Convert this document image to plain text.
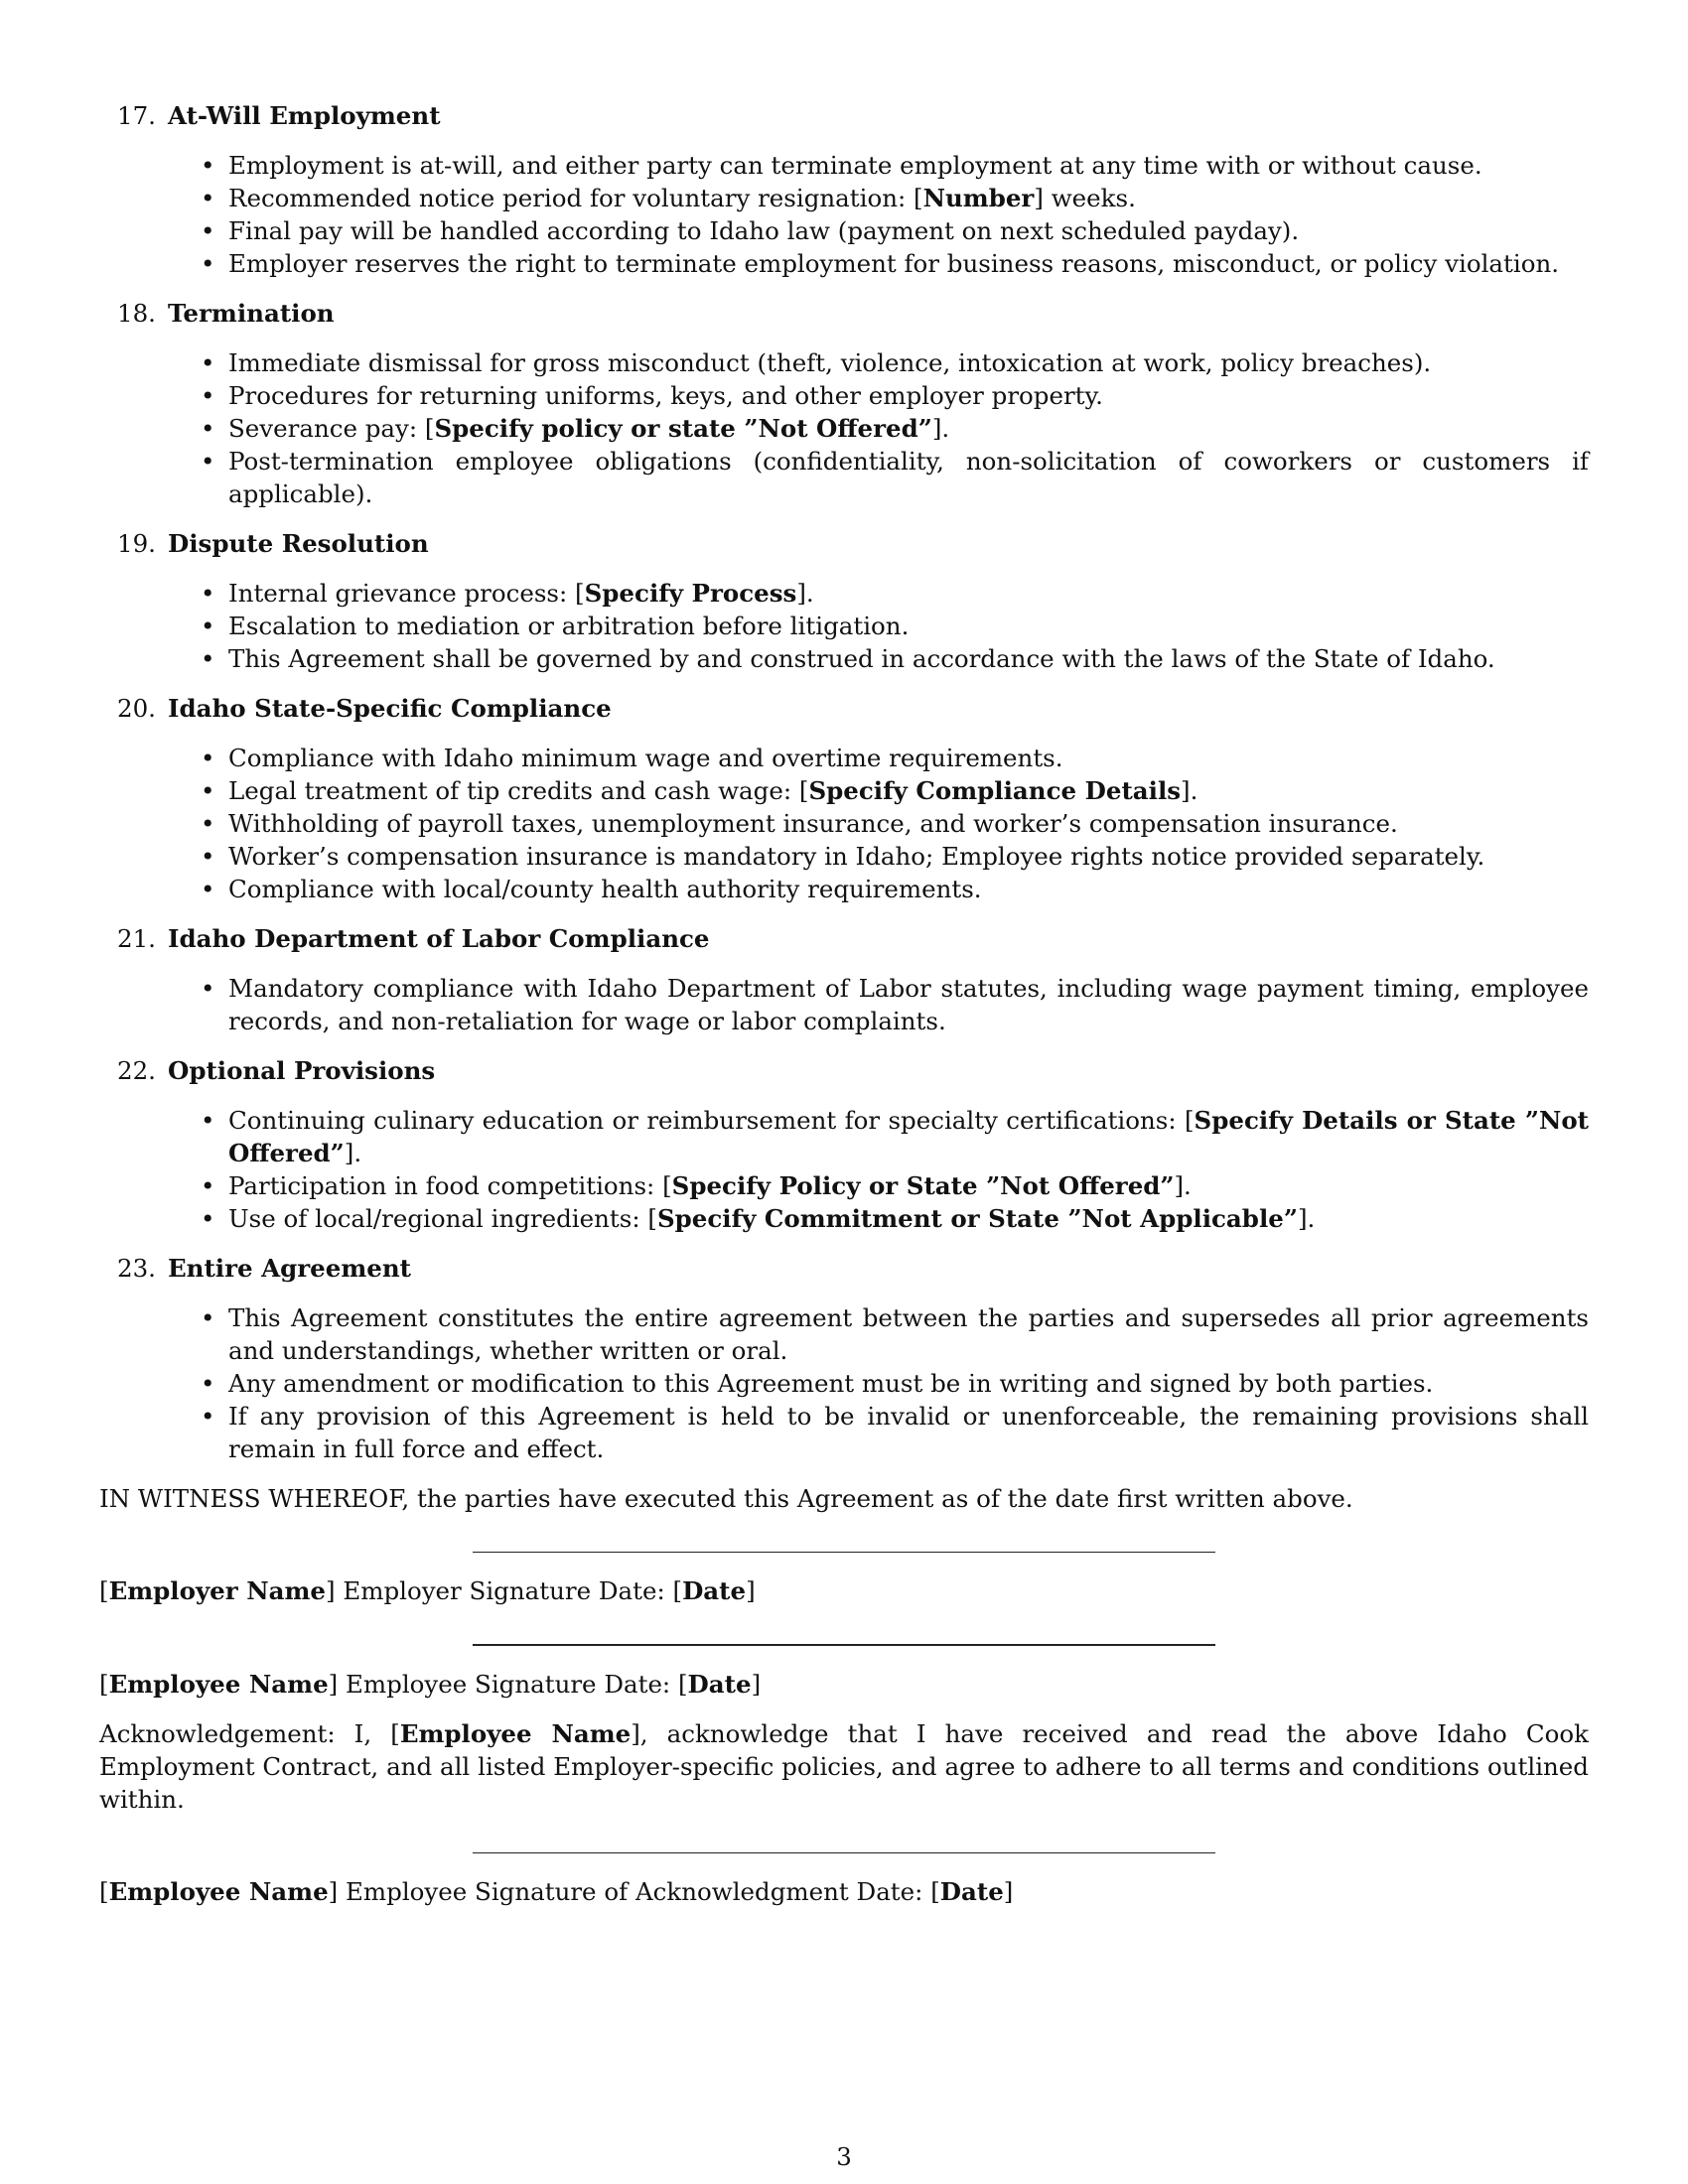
17. At-Will Employment
• Employment is at-will, and either party can terminate employment at any time with or without cause.
• Recommended notice period for voluntary resignation: [Number] weeks.
• Final pay will be handled according to Idaho law (payment on next scheduled payday).
• Employer reserves the right to terminate employment for business reasons, misconduct, or policy violation.
18. Termination
• Immediate dismissal for gross misconduct (theft, violence, intoxication at work, policy breaches).
• Procedures for returning uniforms, keys, and other employer property.
• Severance pay: [Specify policy or state ”Not Offered”].
• Post-termination employee obligations (confidentiality, non-solicitation of coworkers or customers if applicable).
19. Dispute Resolution
• Internal grievance process: [Specify Process].
• Escalation to mediation or arbitration before litigation.
• This Agreement shall be governed by and construed in accordance with the laws of the State of Idaho.
20. Idaho State-Specific Compliance
• Compliance with Idaho minimum wage and overtime requirements.
• Legal treatment of tip credits and cash wage: [Specify Compliance Details].
• Withholding of payroll taxes, unemployment insurance, and worker’s compensation insurance.
• Worker’s compensation insurance is mandatory in Idaho; Employee rights notice provided separately.
• Compliance with local/county health authority requirements.
21. Idaho Department of Labor Compliance
• Mandatory compliance with Idaho Department of Labor statutes, including wage payment timing, employee records, and non-retaliation for wage or labor complaints.
22. Optional Provisions
• Continuing culinary education or reimbursement for specialty certifications: [Specify Details or State ”Not Offered”].
• Participation in food competitions: [Specify Policy or State ”Not Offered”].
• Use of local/regional ingredients: [Specify Commitment or State ”Not Applicable”].
23. Entire Agreement
• This Agreement constitutes the entire agreement between the parties and supersedes all prior agreements and understandings, whether written or oral.
• Any amendment or modification to this Agreement must be in writing and signed by both parties.
• If any provision of this Agreement is held to be invalid or unenforceable, the remaining provisions shall remain in full force and effect.
IN WITNESS WHEREOF, the parties have executed this Agreement as of the date first written above.
[Employer Name] Employer Signature Date: [Date]
[Employee Name] Employee Signature Date: [Date]
Acknowledgement: I, [Employee Name], acknowledge that I have received and read the above Idaho Cook Employment Contract, and all listed Employer-specific policies, and agree to adhere to all terms and conditions outlined within.
[Employee Name] Employee Signature of Acknowledgment Date: [Date]
3
